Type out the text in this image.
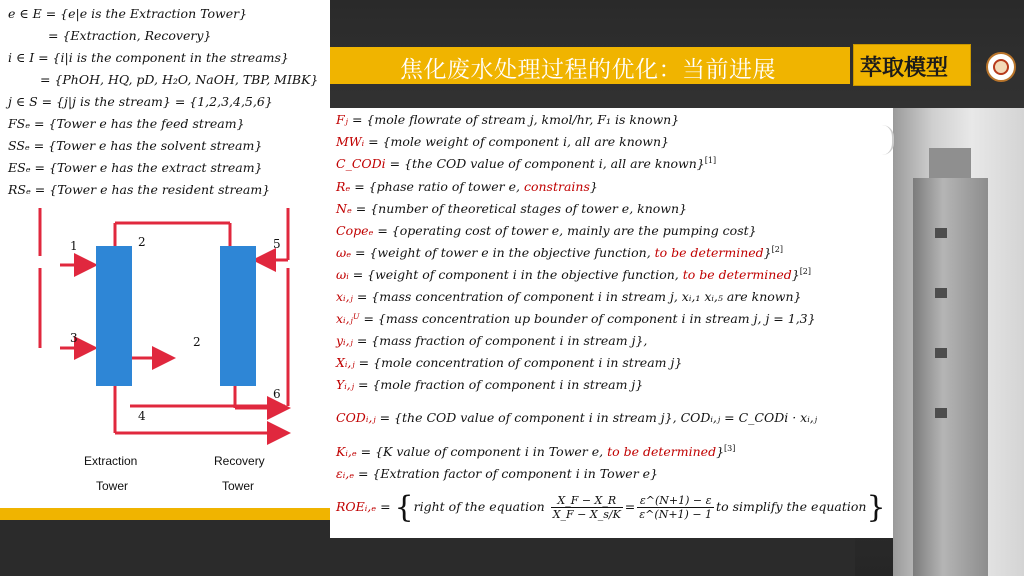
焦化废水处理过程的优化：当前进展	萃取模型
e ∈ E = {e|e is the Extraction Tower}
= {Extraction, Recovery}
i ∈ I = {i|i is the component in the streams}
= {PhOH, HQ, pD, H₂O, NaOH, TBP, MIBK}
j ∈ S = {j|j is the stream} = {1,2,3,4,5,6}
FSₑ = {Tower e has the feed stream}
SSₑ = {Tower e has the solvent stream}
ESₑ = {Tower e has the extract stream}
RSₑ = {Tower e has the resident stream}
1	2
3	2
4
5
6
Extraction
Tower
Recovery
Tower
Fⱼ = {mole flowrate of stream j, kmol/hr, F₁ is known}
MWᵢ = {mole weight of component i, all are known}
C_CODi = {the COD value of component i, all are known}[1]
Rₑ = {phase ratio of tower e, constrains}
Nₑ = {number of theoretical stages of tower e, known}
Copeₑ = {operating cost of tower e, mainly are the pumping cost}
ωₑ = {weight of tower e in the objective function, to be determined}[2]
ωᵢ = {weight of component i in the objective function, to be determined}[2]
xᵢ,ⱼ = {mass concentration of component i in stream j, xᵢ,₁ xᵢ,₅ are known}
xᵢ,ⱼᵁ = {mass concentration up bounder of component i in stream j, j = 1,3}
yᵢ,ⱼ = {mass fraction of component i in stream j},
Xᵢ,ⱼ = {mole concentration of component i in stream j}
Yᵢ,ⱼ = {mole fraction of component i in stream j}
CODᵢ,ⱼ = {the COD value of component i in stream j}, CODᵢ,ⱼ = C_CODi · xᵢ,ⱼ
Kᵢ,ₑ = {K value of component i in Tower e, to be determined}[3]
εᵢ,ₑ = {Extration factor of component i in Tower e}
ROEᵢ,ₑ = {right of the equation $\frac{X\_F - X\_R}{X\_F - X\_s/K} = \frac{\varepsilon\^{}(N+1) - \varepsilon}{\varepsilon\^{}(N+1) - 1}$ to simplify the equation}
